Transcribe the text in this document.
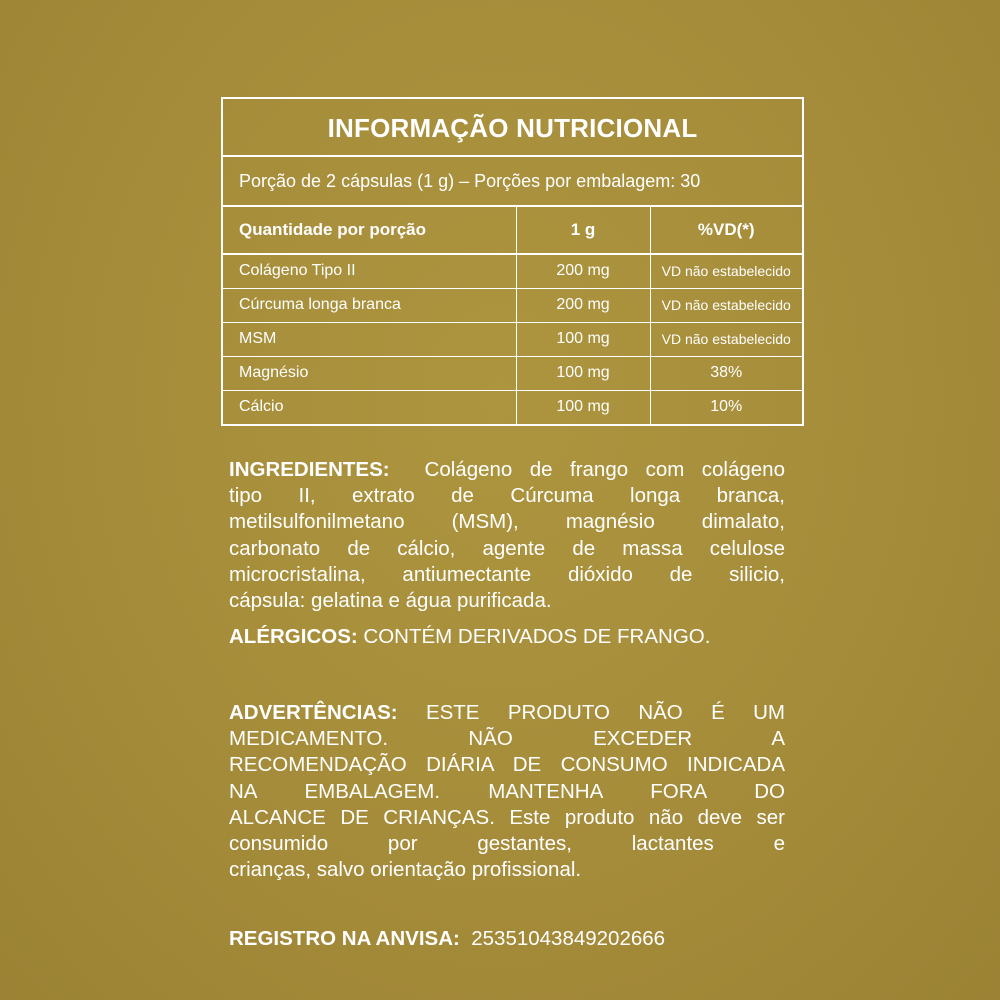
INFORMAÇÃO NUTRICIONAL
Porção de 2 cápsulas (1 g) – Porções por embalagem: 30
Quantidade por porção	1 g	%VD(*)
Colágeno Tipo II	200 mg	VD não estabelecido
Cúrcuma longa branca	200 mg	VD não estabelecido
MSM	100 mg	VD não estabelecido
Magnésio	100 mg	38%
Cálcio	100 mg	10%
INGREDIENTES: Colágeno de frango com colágeno
tipo II, extrato de Cúrcuma longa branca,
metilsulfonilmetano (MSM), magnésio dimalato,
carbonato de cálcio, agente de massa celulose
microcristalina, antiumectante dióxido de silicio,
cápsula: gelatina e água purificada.
ALÉRGICOS: CONTÉM DERIVADOS DE FRANGO.
ADVERTÊNCIAS: ESTE PRODUTO NÃO É UM
MEDICAMENTO. NÃO EXCEDER A
RECOMENDAÇÃO DIÁRIA DE CONSUMO INDICADA
NA EMBALAGEM. MANTENHA FORA DO
ALCANCE DE CRIANÇAS. Este produto não deve ser
consumido por gestantes, lactantes e
crianças, salvo orientação profissional.
REGISTRO NA ANVISA: 25351043849202666
